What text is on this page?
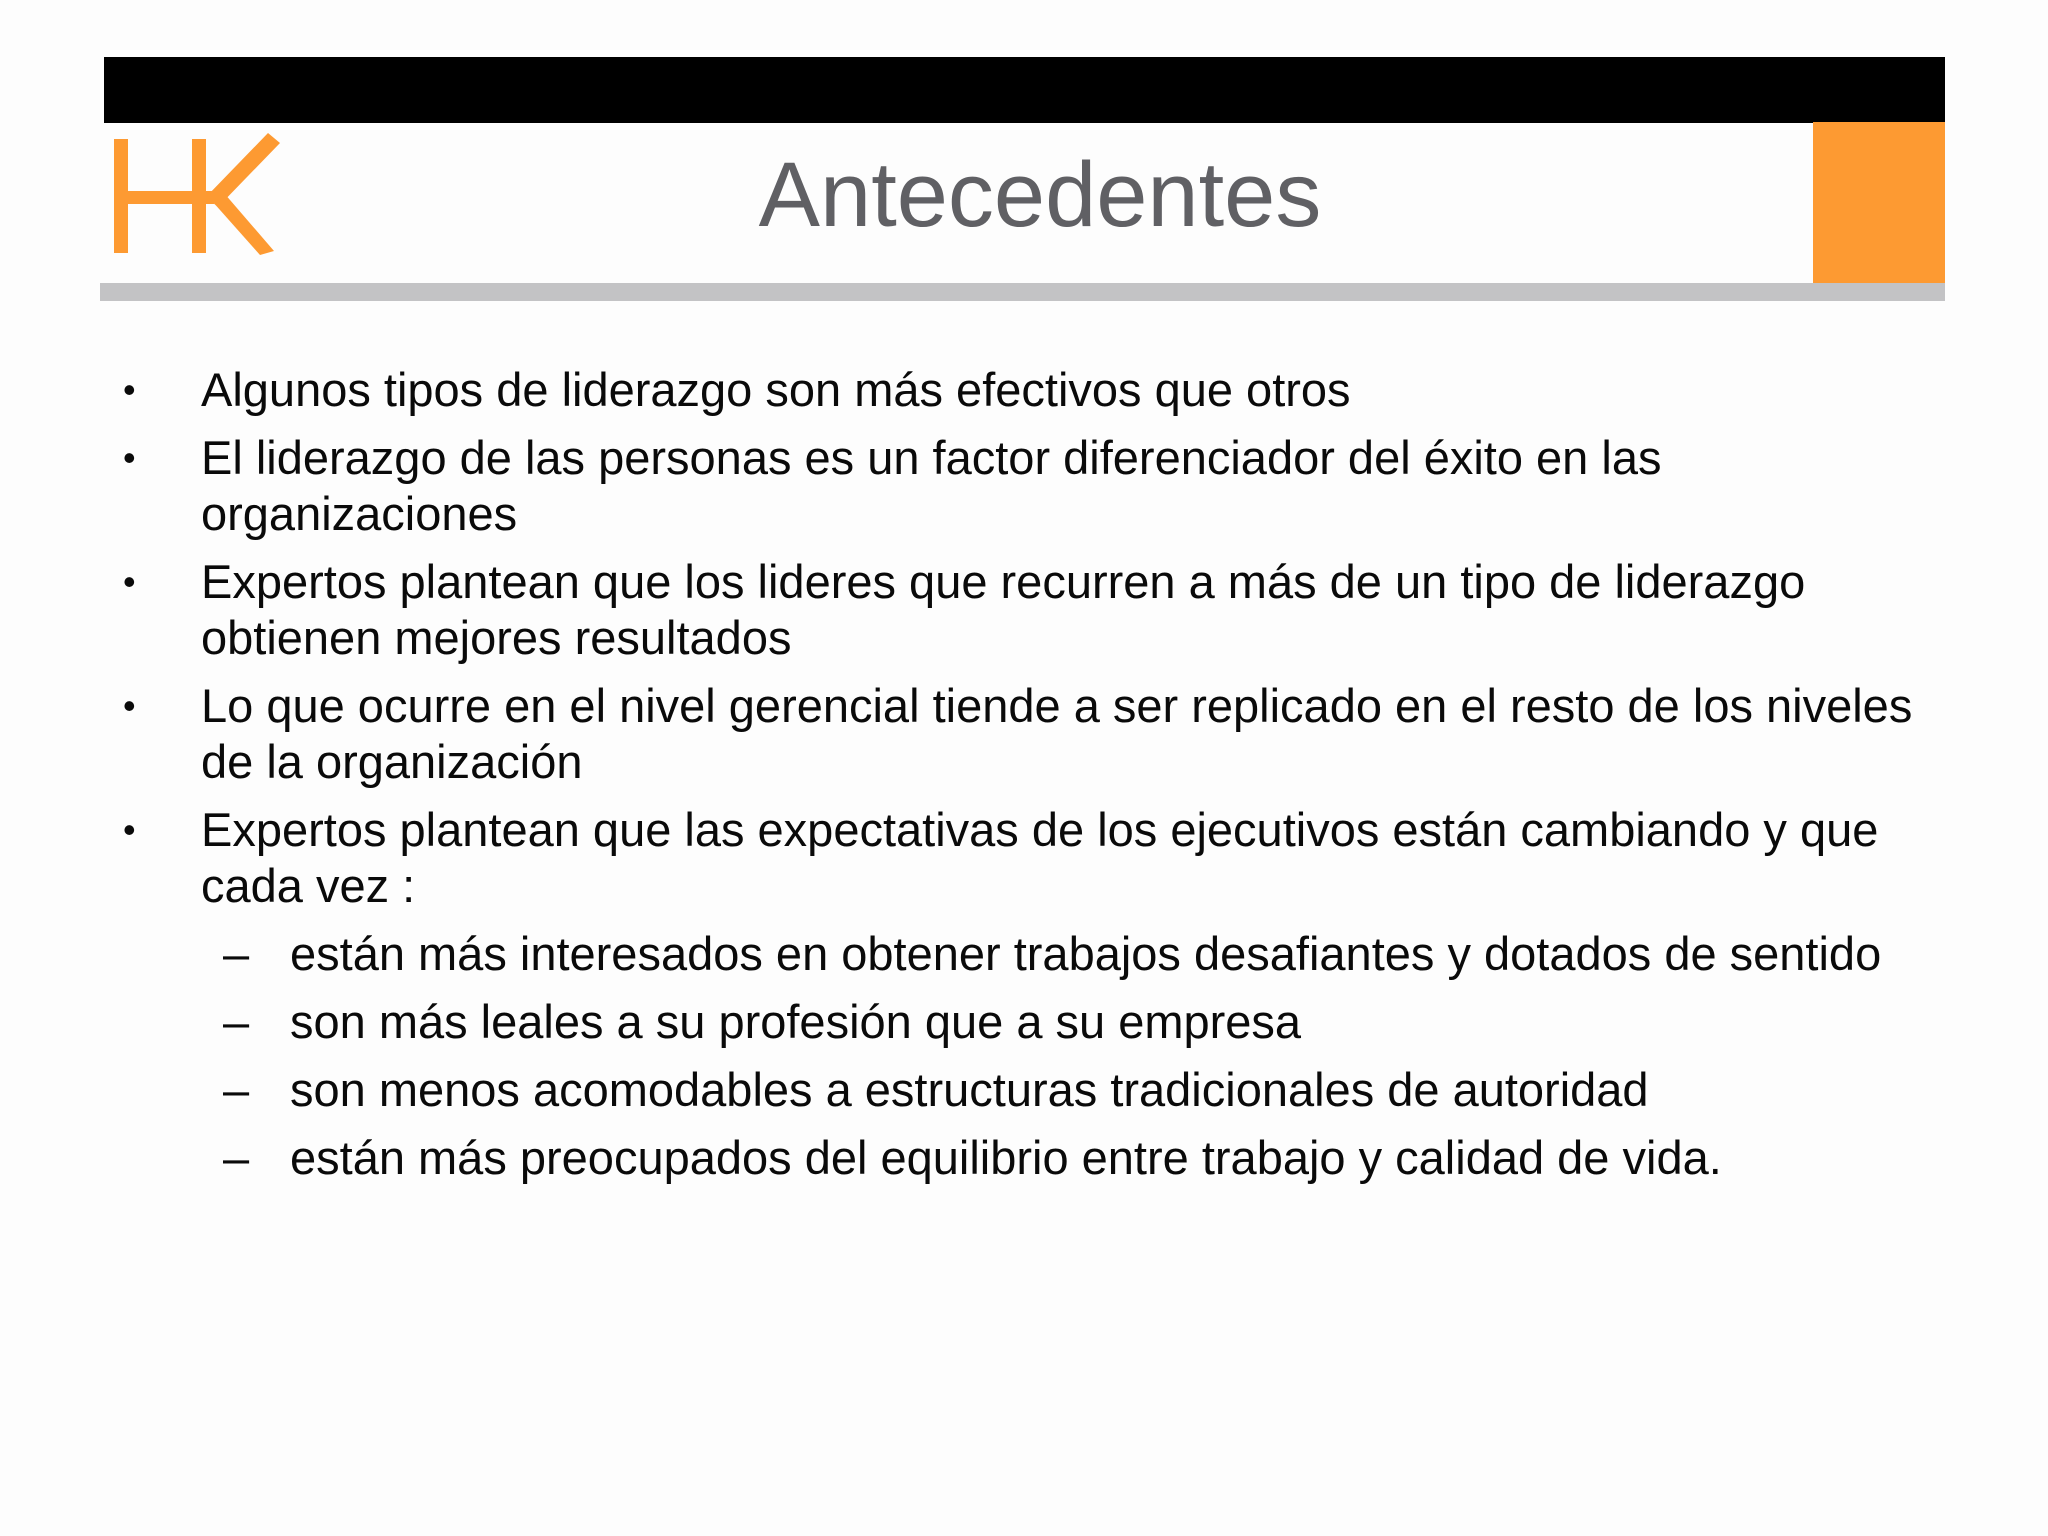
Antecedentes
• Algunos tipos de liderazgo son más efectivos que otros
• El liderazgo de las personas es un factor diferenciador del éxito en las organizaciones
• Expertos plantean que los lideres que recurren a más de un tipo de liderazgo obtienen mejores resultados
• Lo que ocurre en el nivel gerencial tiende a ser replicado en el resto de los niveles de la organización
• Expertos plantean que las expectativas de los ejecutivos están cambiando y que cada vez :
– están más interesados en obtener trabajos desafiantes y dotados de sentido
– son más leales a su profesión que a su empresa
– son menos acomodables a estructuras tradicionales de autoridad
– están más preocupados del equilibrio entre trabajo y calidad de vida.
